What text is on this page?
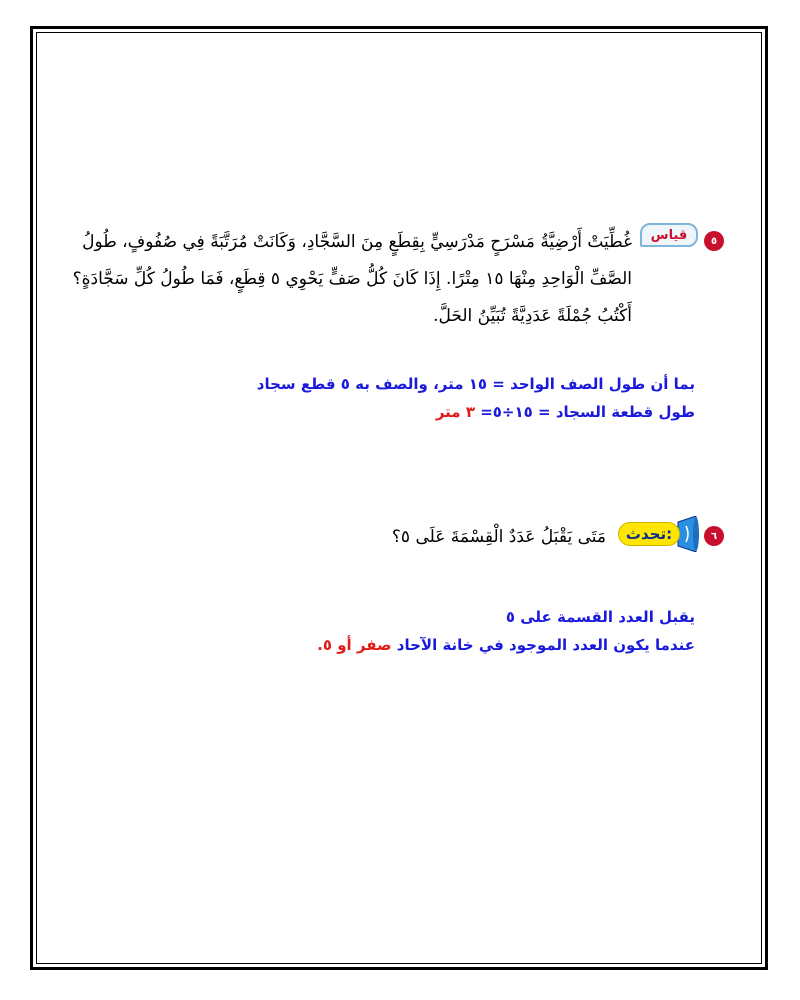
٥
قياس
غُطِّيَتْ أَرْضِيَّةُ مَسْرَحٍ مَدْرَسِيٍّ بِقِطَعٍ مِنَ السَّجَّادِ، وَكَانَتْ مُرَتَّبَةً فِي صُفُوفٍ، طُولُ الصَّفِّ الْوَاحِدِ مِنْهَا ١٥ مِتْرًا. إِذَا كَانَ كُلُّ صَفٍّ يَحْوِي ٥ قِطَعٍ، فَمَا طُولُ كُلِّ سَجَّادَةٍ؟ أَكْتُبُ جُمْلَةً عَدَدِيَّةً تُبَيِّنُ الحَلَّ.
بما أن طول الصف الواحد = ١٥ متر، والصف به ٥ قطع سجاد
طول قطعة السجاد = ١٥÷٥= ٣ متر
٦
تحدث:
مَتَى يَقْبَلُ عَدَدٌ الْقِسْمَةَ عَلَى ٥؟
يقبل العدد القسمة على ٥
عندما يكون العدد الموجود في خانة الآحاد صفر أو ٥.
